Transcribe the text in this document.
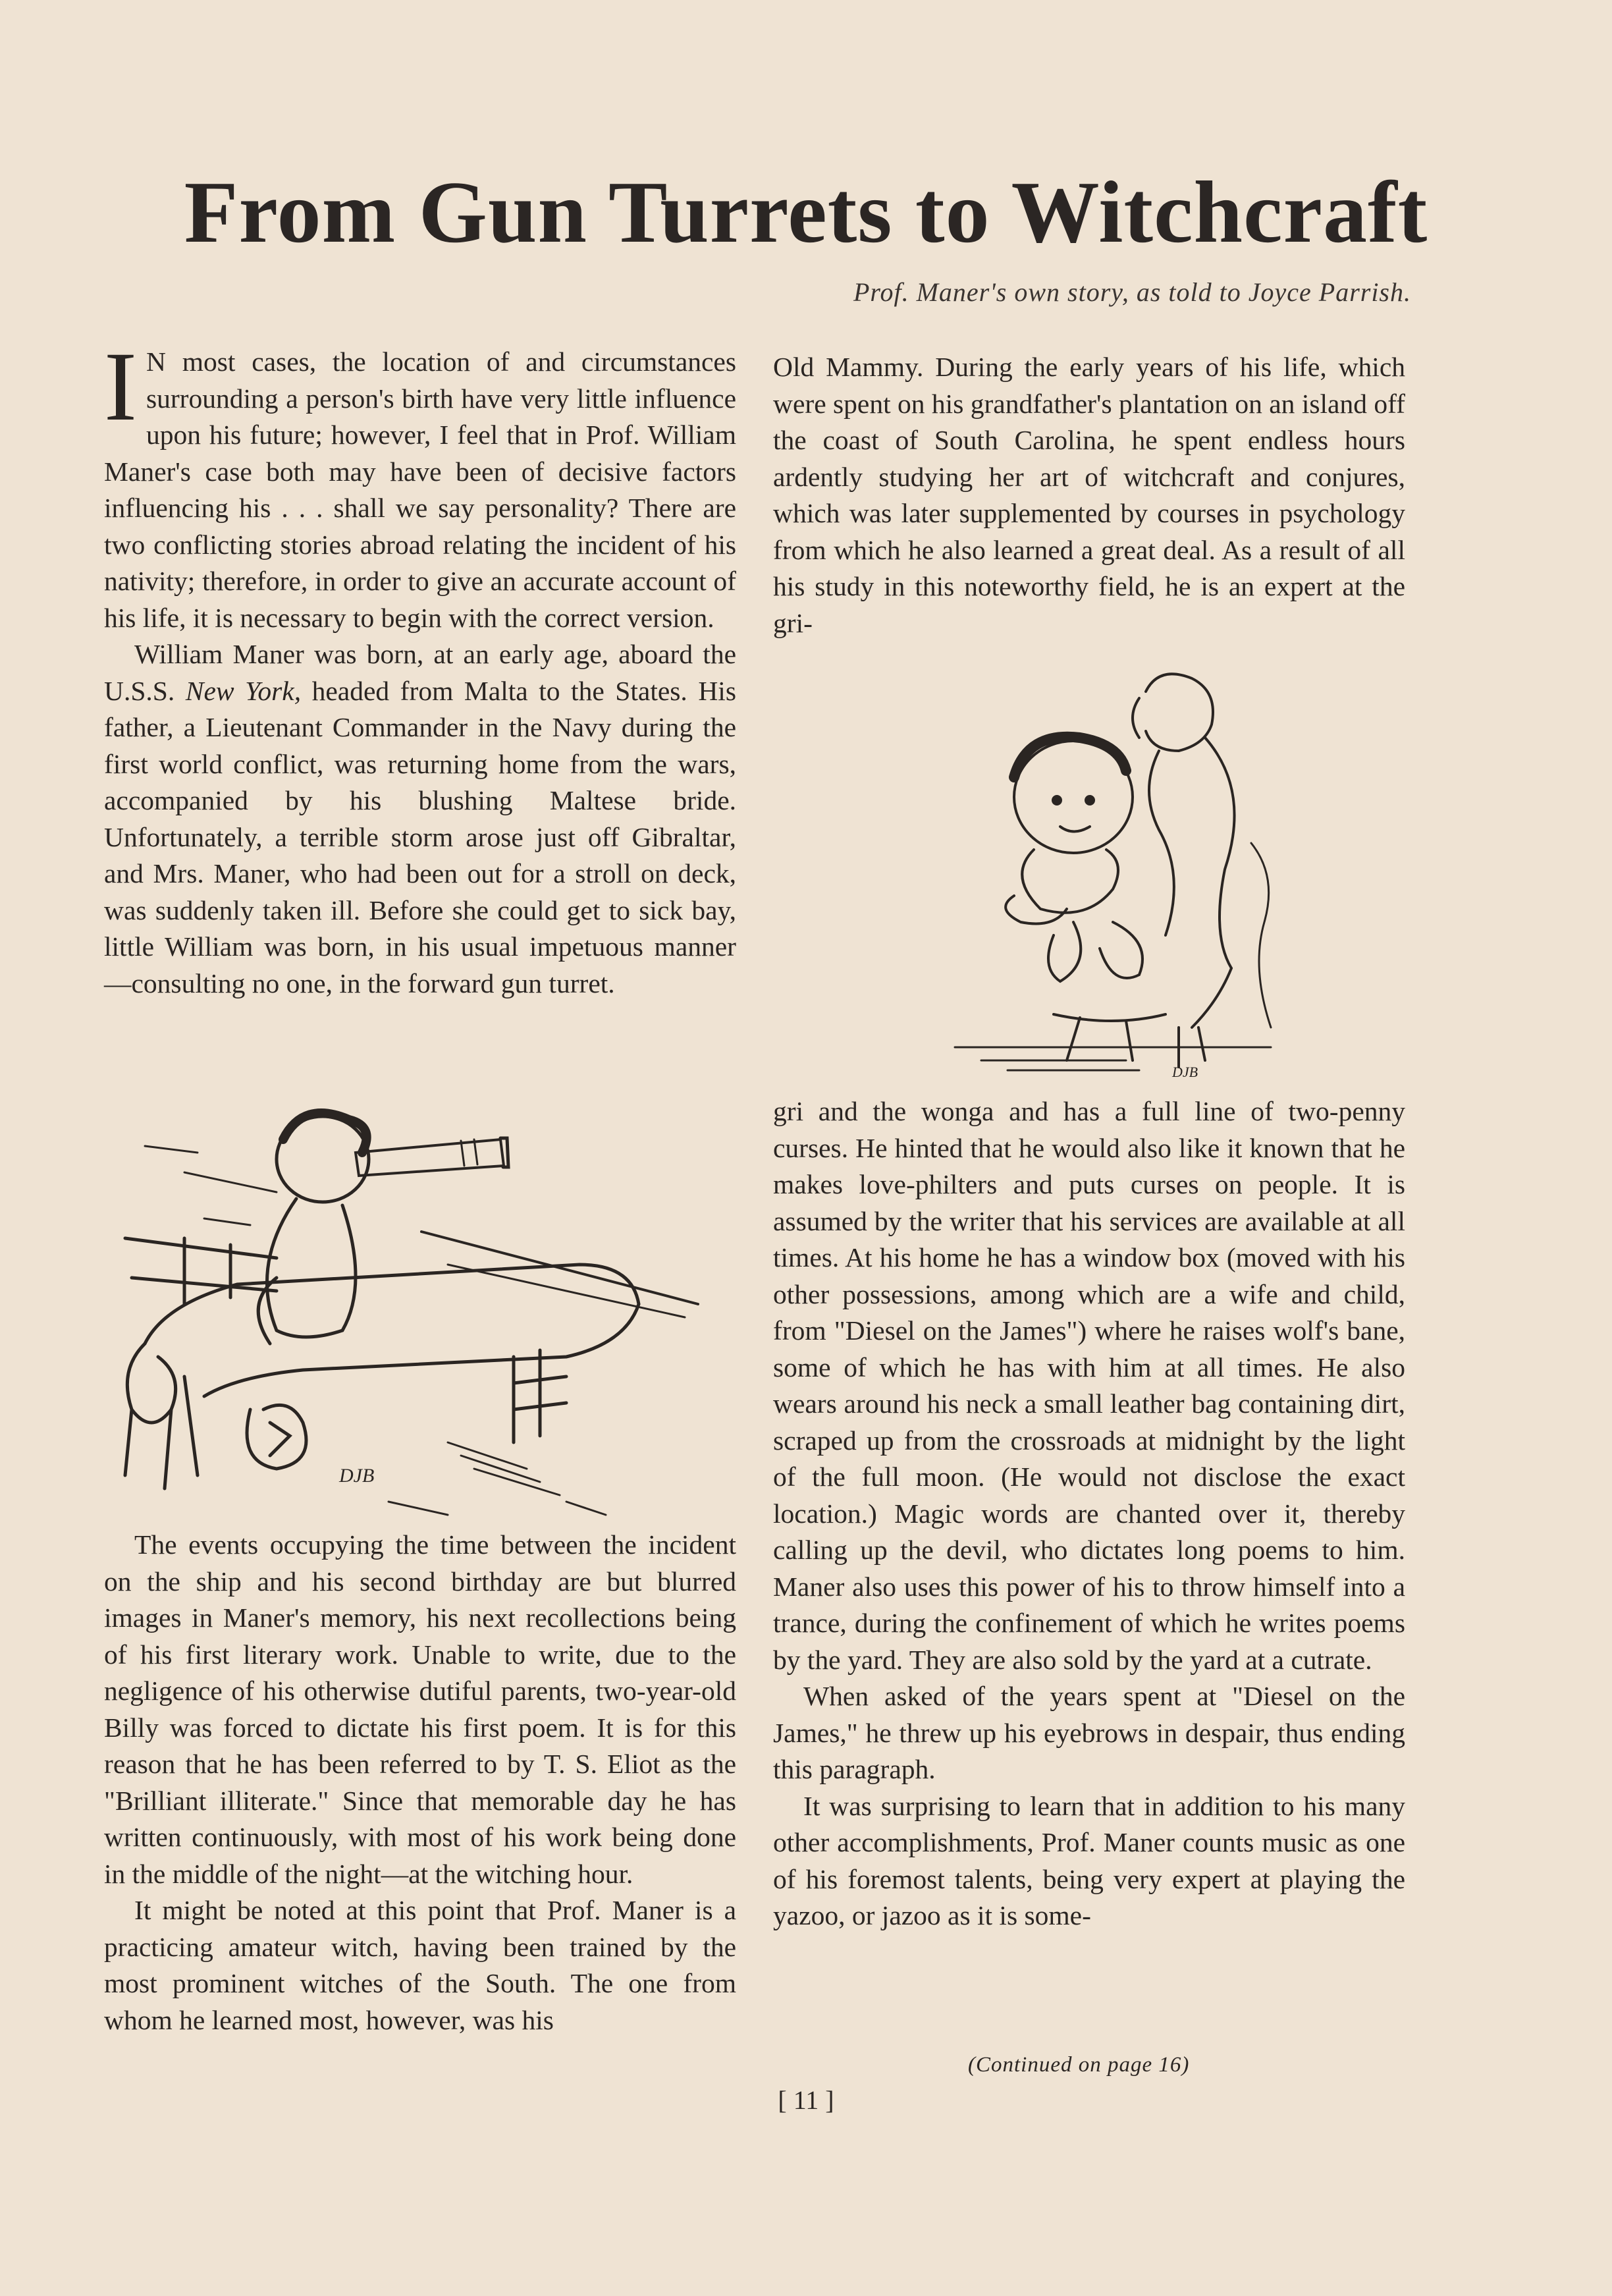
From Gun Turrets to Witchcraft
Prof. Maner's own story, as told to Joyce Parrish.

I N most cases, the location of and circumstances surrounding a person's birth have very little influence upon his future; however, I feel that in Prof. William Maner's case both may have been of decisive factors influencing his . . . shall we say personality? There are two conflicting stories abroad relating the incident of his nativity; therefore, in order to give an accurate account of his life, it is necessary to begin with the correct version.

William Maner was born, at an early age, aboard the U.S.S. New York, headed from Malta to the States. His father, a Lieutenant Commander in the Navy during the first world conflict, was returning home from the wars, accompanied by his blushing Maltese bride. Unfortunately, a terrible storm arose just off Gibraltar, and Mrs. Maner, who had been out for a stroll on deck, was suddenly taken ill. Before she could get to sick bay, little William was born, in his usual impetuous manner —consulting no one, in the forward gun turret.

DJB

The events occupying the time between the incident on the ship and his second birthday are but blurred images in Maner's memory, his next recollections being of his first literary work. Unable to write, due to the negligence of his otherwise dutiful parents, two-year-old Billy was forced to dictate his first poem. It is for this reason that he has been referred to by T. S. Eliot as the "Brilliant illiterate." Since that memorable day he has written continuously, with most of his work being done in the middle of the night—at the witching hour.

It might be noted at this point that Prof. Maner is a practicing amateur witch, having been trained by the most prominent witches of the South. The one from whom he learned most, however, was his

Old Mammy. During the early years of his life, which were spent on his grandfather's plantation on an island off the coast of South Carolina, he spent endless hours ardently studying her art of witchcraft and conjures, which was later supplemented by courses in psychology from which he also learned a great deal. As a result of all his study in this noteworthy field, he is an expert at the gri-

DJB

gri and the wonga and has a full line of two-penny curses. He hinted that he would also like it known that he makes love-philters and puts curses on people. It is assumed by the writer that his services are available at all times. At his home he has a window box (moved with his other possessions, among which are a wife and child, from "Diesel on the James") where he raises wolf's bane, some of which he has with him at all times. He also wears around his neck a small leather bag containing dirt, scraped up from the crossroads at midnight by the light of the full moon. (He would not disclose the exact location.) Magic words are chanted over it, thereby calling up the devil, who dictates long poems to him. Maner also uses this power of his to throw himself into a trance, during the confinement of which he writes poems by the yard. They are also sold by the yard at a cutrate.

When asked of the years spent at "Diesel on the James," he threw up his eyebrows in despair, thus ending this paragraph.

It was surprising to learn that in addition to his many other accomplishments, Prof. Maner counts music as one of his foremost talents, being very expert at playing the yazoo, or jazoo as it is some-

(Continued on page 16)
[ 11 ]
